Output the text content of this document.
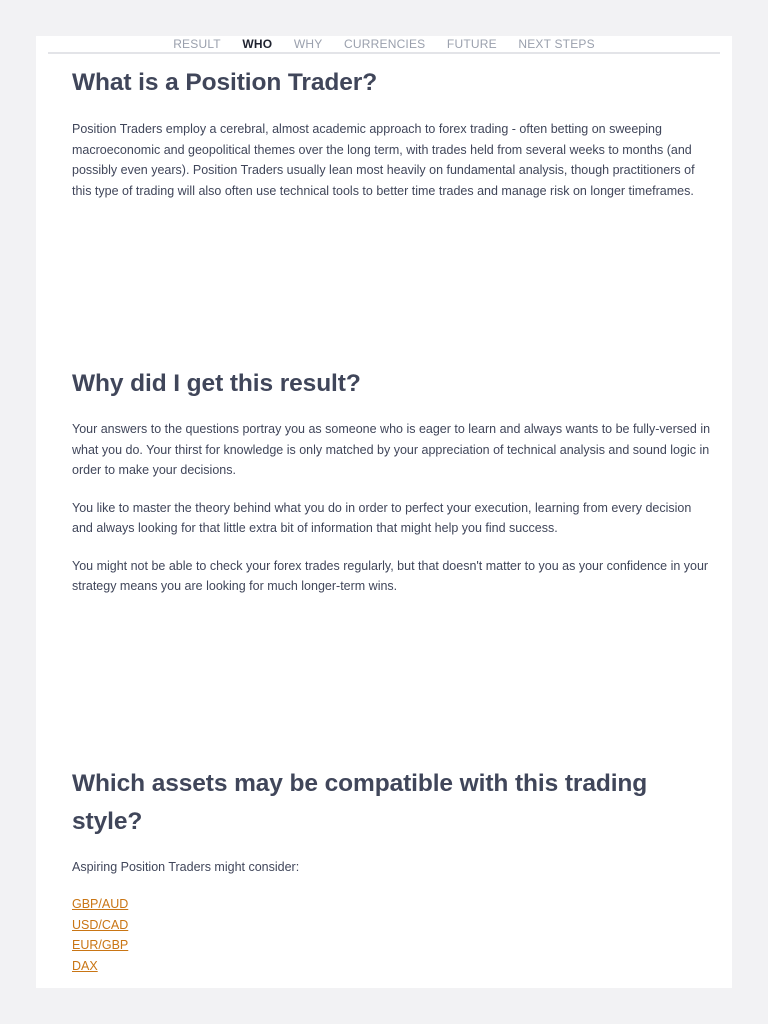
RESULT WHO WHY CURRENCIES FUTURE NEXT STEPS
What is a Position Trader?

Position Traders employ a cerebral, almost academic approach to forex trading - often betting on sweeping macroeconomic and geopolitical themes over the long term, with trades held from several weeks to months (and possibly even years). Position Traders usually lean most heavily on fundamental analysis, though practitioners of this type of trading will also often use technical tools to better time trades and manage risk on longer timeframes.

Why did I get this result?

Your answers to the questions portray you as someone who is eager to learn and always wants to be fully-versed in what you do. Your thirst for knowledge is only matched by your appreciation of technical analysis and sound logic in order to make your decisions.

You like to master the theory behind what you do in order to perfect your execution, learning from every decision and always looking for that little extra bit of information that might help you find success.

You might not be able to check your forex trades regularly, but that doesn't matter to you as your confidence in your strategy means you are looking for much longer-term wins.

Which assets may be compatible with this trading style?

Aspiring Position Traders might consider:

GBP/AUD
USD/CAD
EUR/GBP
DAX
